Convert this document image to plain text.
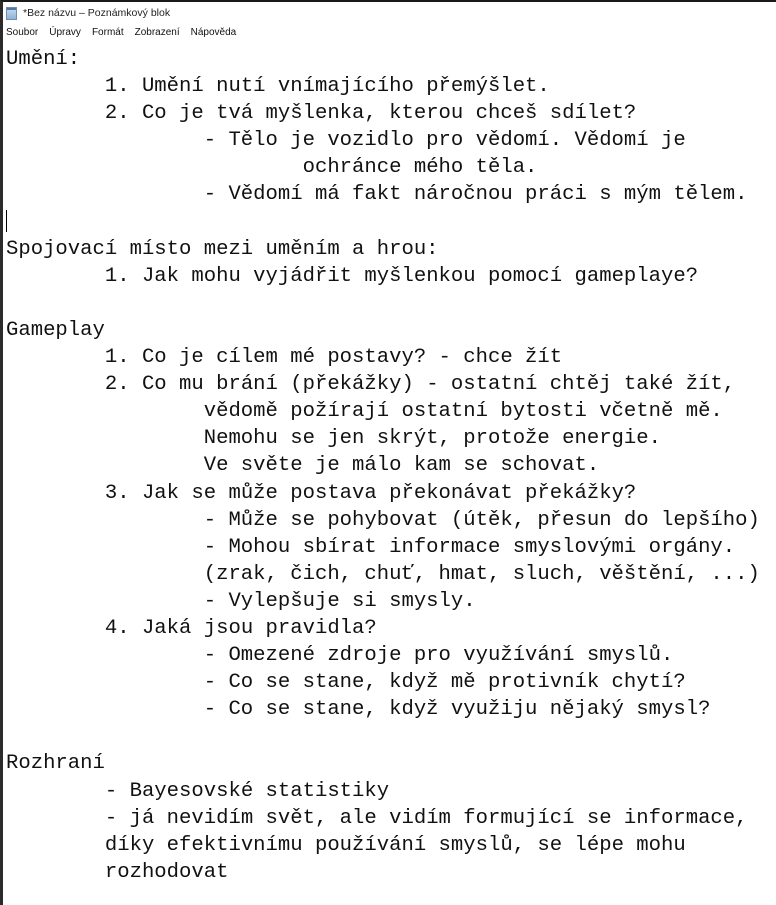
*Bez názvu – Poznámkový blok
Soubor Úpravy Formát Zobrazení Nápověda
Umění:
	1. Umění nutí vnímajícího přemýšlet.
	2. Co je tvá myšlenka, kterou chceš sdílet?
		- Tělo je vozidlo pro vědomí. Vědomí je
			ochránce mého těla.
		- Vědomí má fakt náročnou práci s mým tělem.
Spojovací místo mezi uměním a hrou:
	1. Jak mohu vyjádřit myšlenkou pomocí gameplaye?
Gameplay
	1. Co je cílem mé postavy? - chce žít
	2. Co mu brání (překážky) - ostatní chtěj také žít,
		vědomě požírají ostatní bytosti včetně mě.
		Nemohu se jen skrýt, protože energie.
		Ve světe je málo kam se schovat.
	3. Jak se může postava překonávat překážky?
		- Může se pohybovat (útěk, přesun do lepšího)
		- Mohou sbírat informace smyslovými orgány.
		(zrak, čich, chuť, hmat, sluch, věštění, ...)
		- Vylepšuje si smysly.
	4. Jaká jsou pravidla?
		- Omezené zdroje pro využívání smyslů.
		- Co se stane, když mě protivník chytí?
		- Co se stane, když využiju nějaký smysl?
Rozhraní
	- Bayesovské statistiky
	- já nevidím svět, ale vidím formující se informace,
	díky efektivnímu používání smyslů, se lépe mohu
	rozhodovat
